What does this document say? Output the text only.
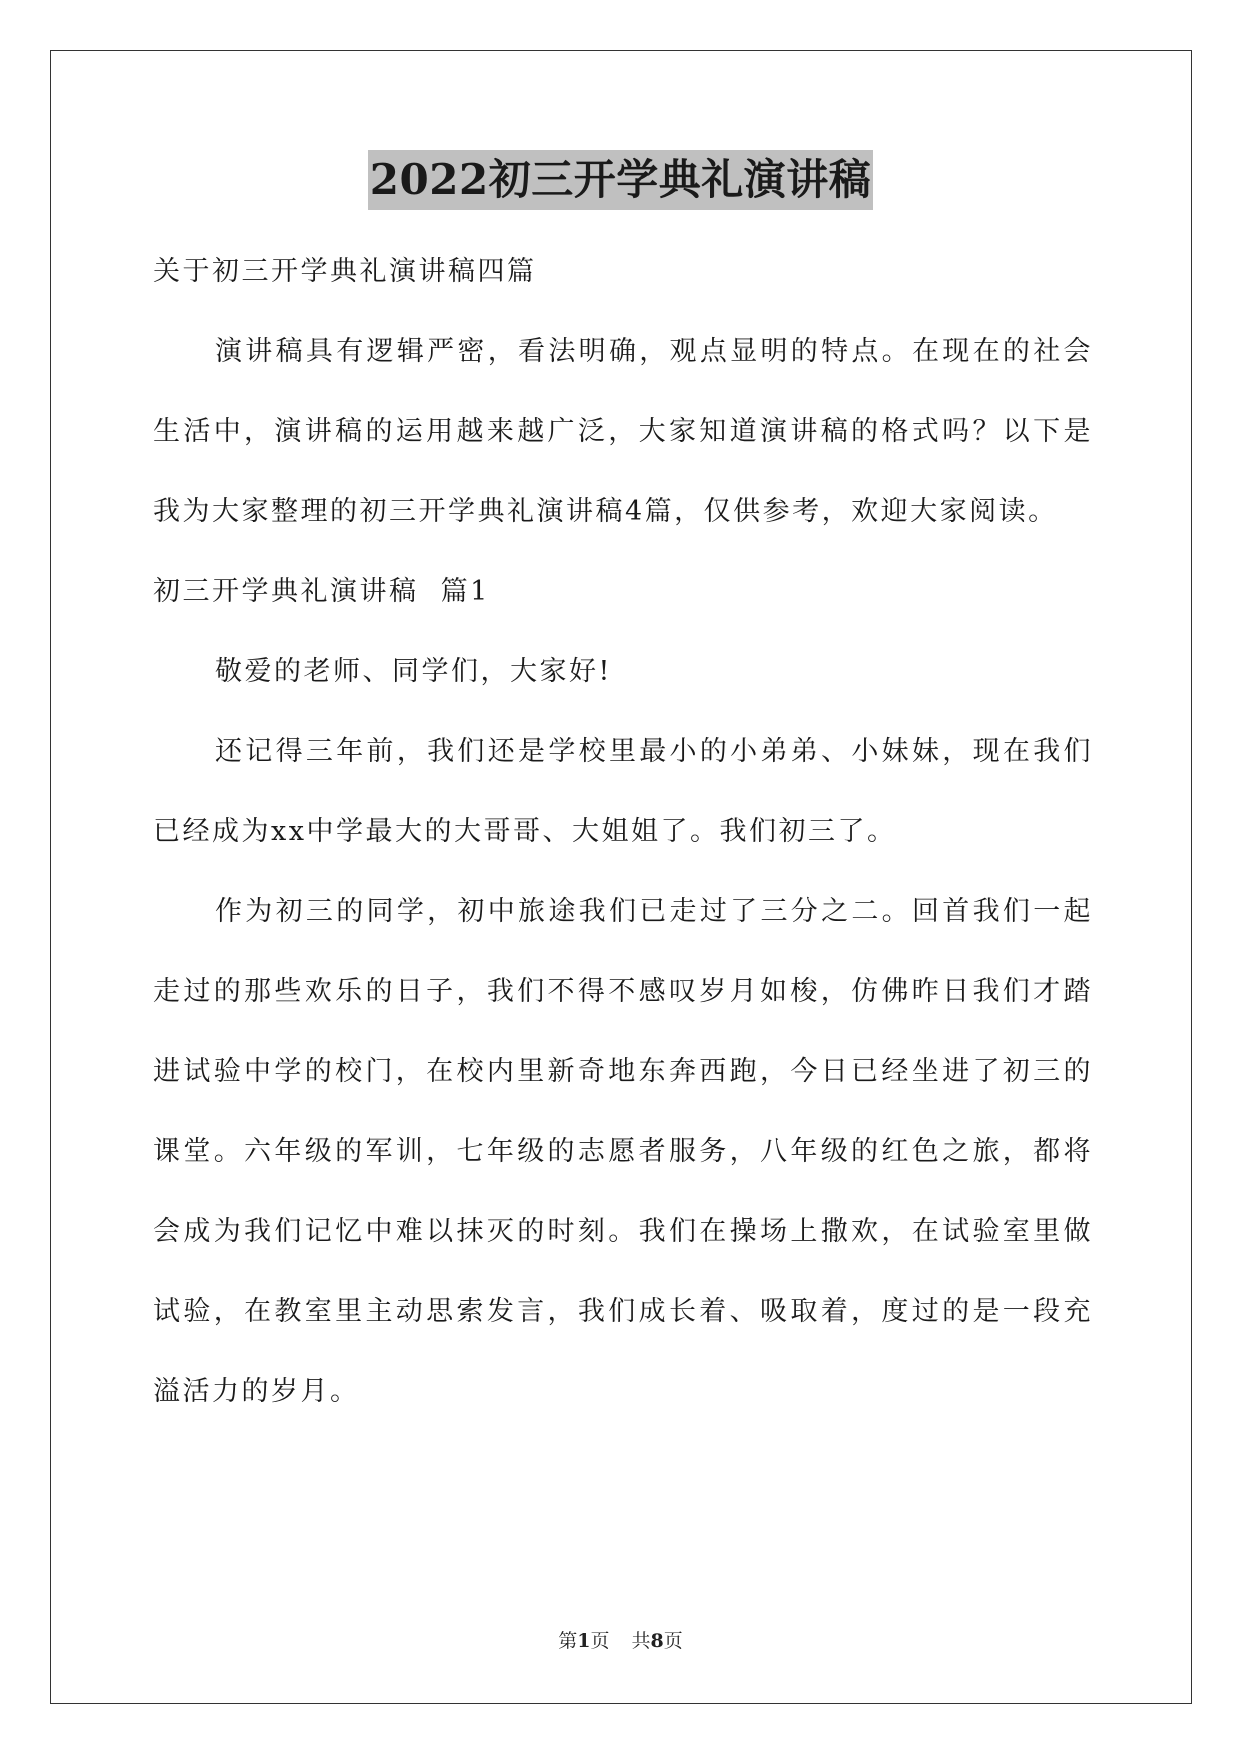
2022初三开学典礼演讲稿

关于初三开学典礼演讲稿四篇

演讲稿具有逻辑严密，看法明确，观点显明的特点。在现在的社会生活中，演讲稿的运用越来越广泛，大家知道演讲稿的格式吗？以下是我为大家整理的初三开学典礼演讲稿4篇，仅供参考，欢迎大家阅读。

初三开学典礼演讲稿  篇1

敬爱的老师、同学们，大家好!

还记得三年前，我们还是学校里最小的小弟弟、小妹妹，现在我们已经成为xx中学最大的大哥哥、大姐姐了。我们初三了。

作为初三的同学，初中旅途我们已走过了三分之二。回首我们一起走过的那些欢乐的日子，我们不得不感叹岁月如梭，仿佛昨日我们才踏进试验中学的校门，在校内里新奇地东奔西跑，今日已经坐进了初三的课堂。六年级的军训，七年级的志愿者服务，八年级的红色之旅，都将会成为我们记忆中难以抹灭的时刻。我们在操场上撒欢，在试验室里做试验，在教室里主动思索发言，我们成长着、吸取着，度过的是一段充溢活力的岁月。

第1页 共8页
